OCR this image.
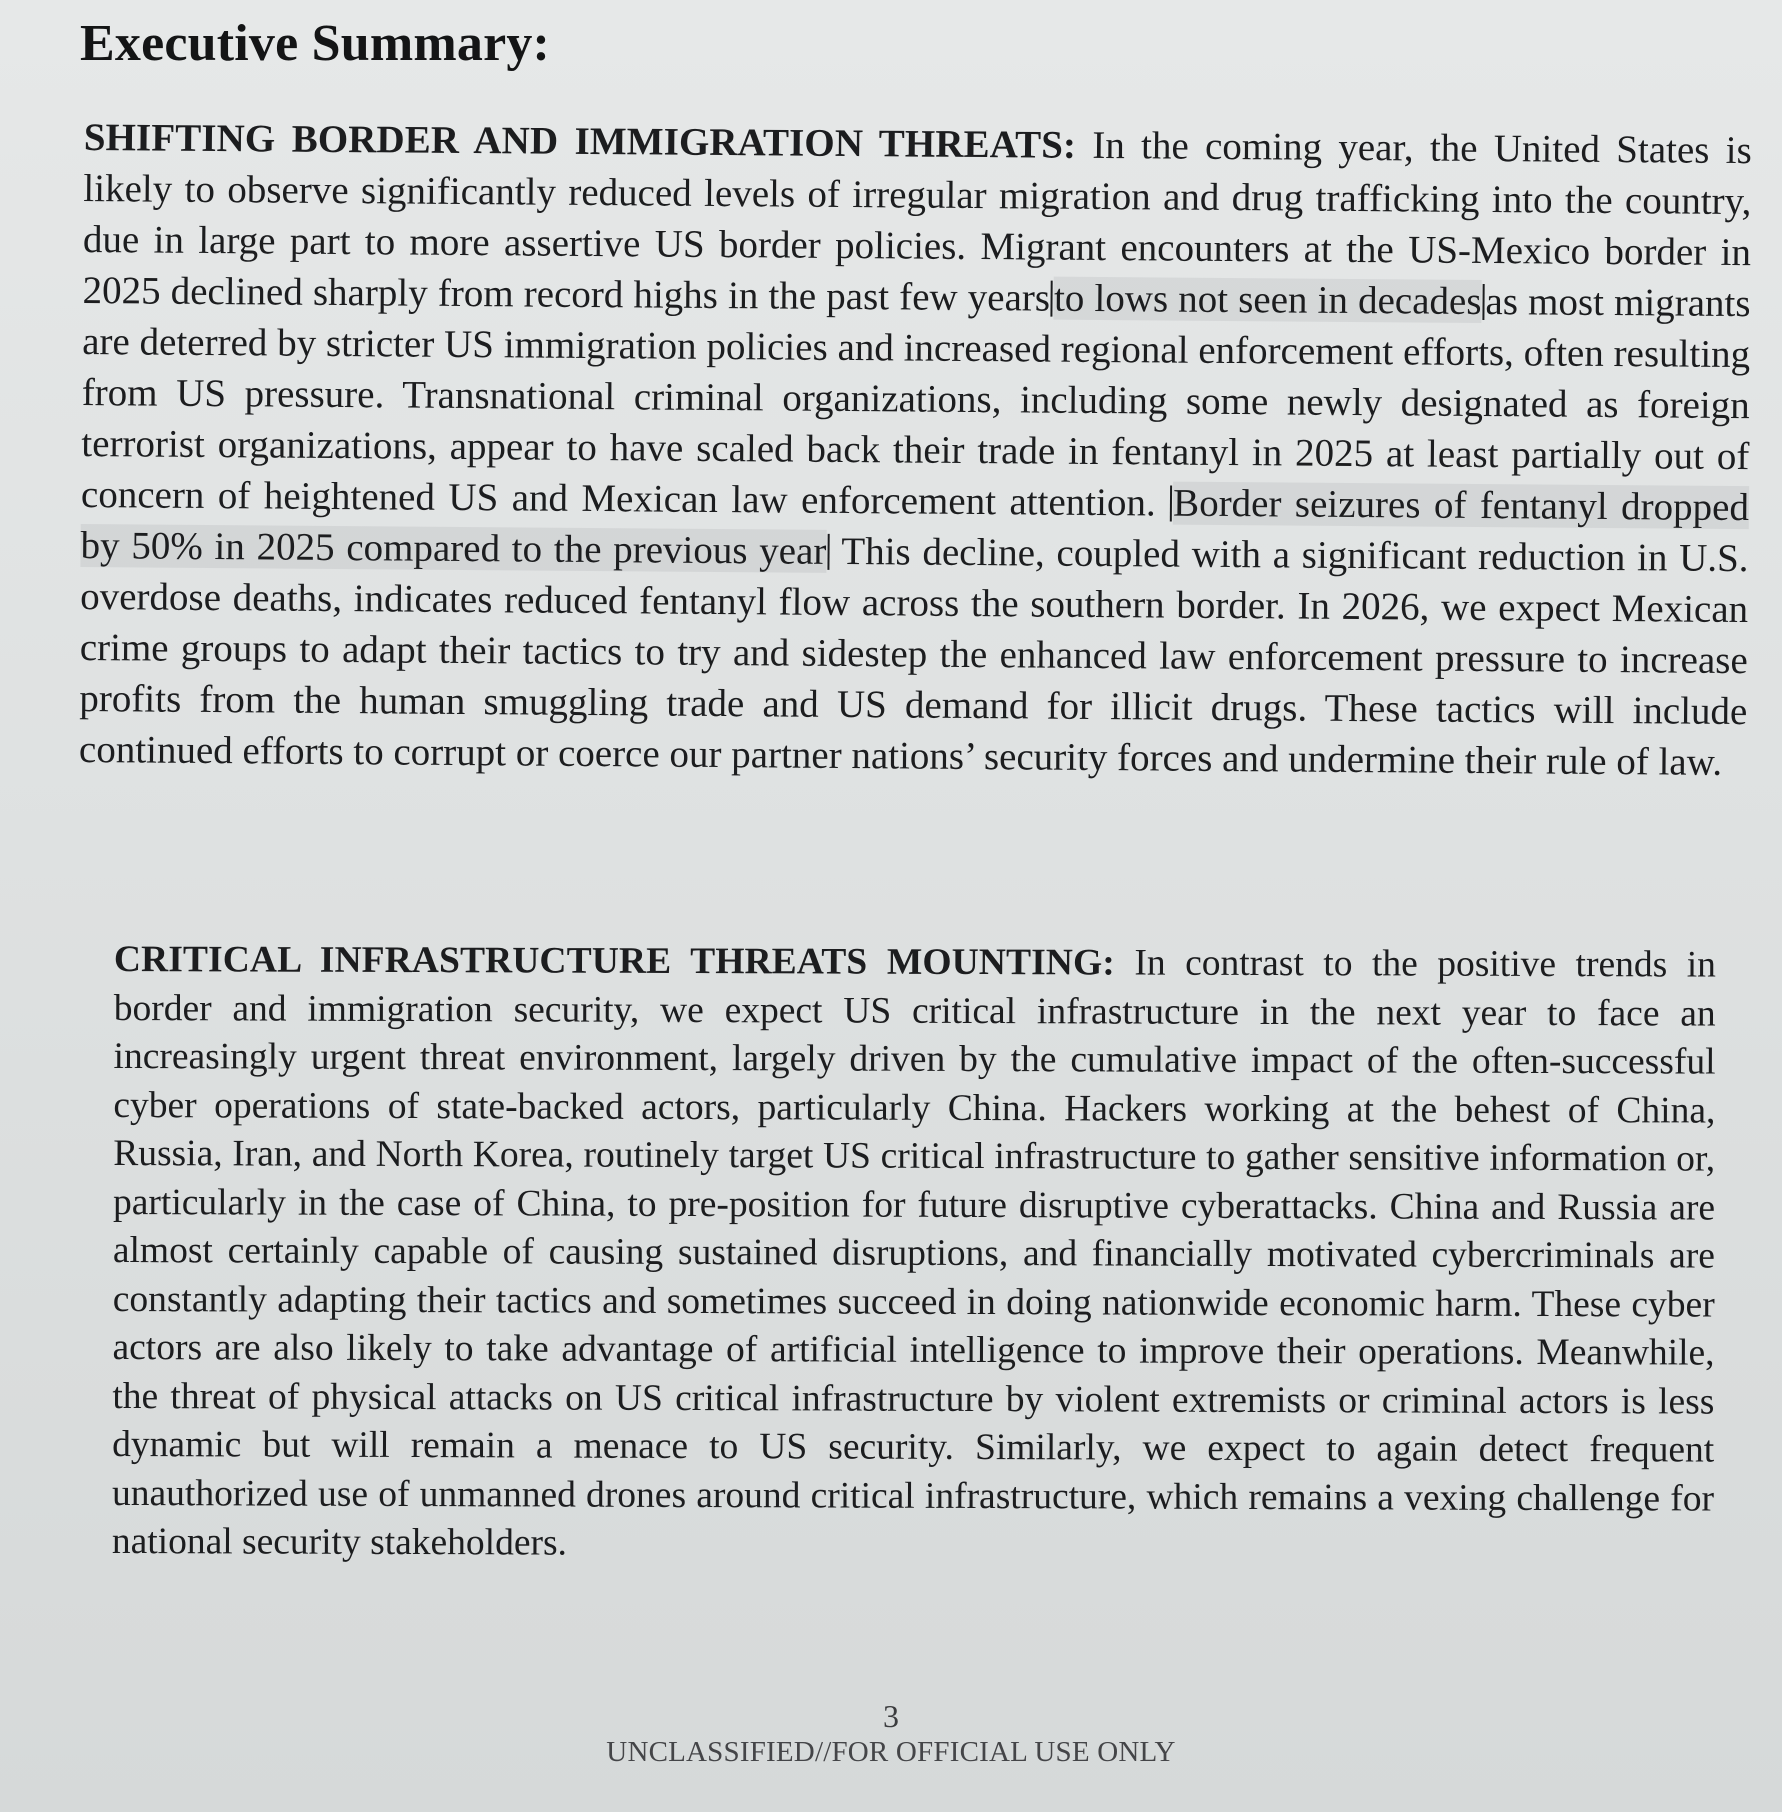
Executive Summary:

SHIFTING BORDER AND IMMIGRATION THREATS: In the coming year, the United States is likely to observe significantly reduced levels of irregular migration and drug trafficking into the country, due in large part to more assertive US border policies. Migrant encounters at the US-Mexico border in 2025 declined sharply from record highs in the past few yearsto lows not seen in decadesas most migrants are deterred by stricter US immigration policies and increased regional enforcement efforts, often resulting from US pressure. Transnational criminal organizations, including some newly designated as foreign terrorist organizations, appear to have scaled back their trade in fentanyl in 2025 at least partially out of concern of heightened US and Mexican law enforcement attention. Border seizures of fentanyl dropped by 50% in 2025 compared to the previous year This decline, coupled with a significant reduction in U.S. overdose deaths, indicates reduced fentanyl flow across the southern border. In 2026, we expect Mexican crime groups to adapt their tactics to try and sidestep the enhanced law enforcement pressure to increase profits from the human smuggling trade and US demand for illicit drugs. These tactics will include continued efforts to corrupt or coerce our partner nations’ security forces and undermine their rule of law.

CRITICAL INFRASTRUCTURE THREATS MOUNTING: In contrast to the positive trends in border and immigration security, we expect US critical infrastructure in the next year to face an increasingly urgent threat environment, largely driven by the cumulative impact of the often-successful cyber operations of state-backed actors, particularly China. Hackers working at the behest of China, Russia, Iran, and North Korea, routinely target US critical infrastructure to gather sensitive information or, particularly in the case of China, to pre-position for future disruptive cyberattacks. China and Russia are almost certainly capable of causing sustained disruptions, and financially motivated cybercriminals are constantly adapting their tactics and sometimes succeed in doing nationwide economic harm. These cyber actors are also likely to take advantage of artificial intelligence to improve their operations. Meanwhile, the threat of physical attacks on US critical infrastructure by violent extremists or criminal actors is less dynamic but will remain a menace to US security. Similarly, we expect to again detect frequent unauthorized use of unmanned drones around critical infrastructure, which remains a vexing challenge for national security stakeholders.

3
UNCLASSIFIED//FOR OFFICIAL USE ONLY
